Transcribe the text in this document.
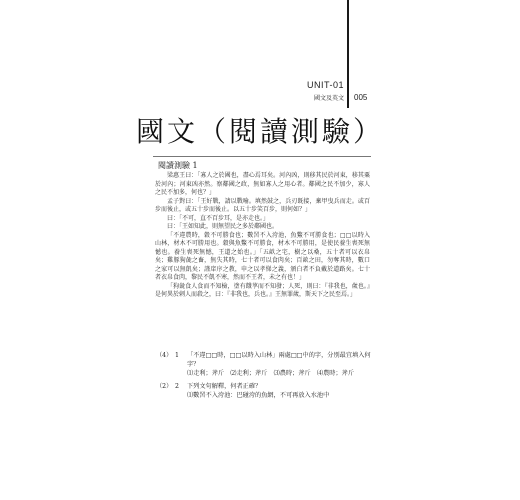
UNIT-01
國文及英文 005
國文（閱讀測驗）
閱讀測驗 1

梁惠王曰：「寡人之於國也，盡心焉耳矣。河內凶，則移其民於河東，移其粟於河內；河東凶亦然。察鄰國之政，無如寡人之用心者。鄰國之民不加少，寡人之民不加多，何也？」

孟子對曰：「王好戰，請以戰喻。填然鼓之，兵刃既接，棄甲曳兵而走。或百步而後止，或五十步而後止。以五十步笑百步，則何如？」

曰：「不可，直不百步耳，是亦走也。」

曰：「王如知此，則無望民之多於鄰國也。

「不違農時，穀不可勝食也；數罟不入洿池，魚鱉不可勝食也；□□以時入山林，材木不可勝用也。穀與魚鱉不可勝食，材木不可勝用，是使民養生喪死無憾也。養生喪死無憾，王道之始也。」「五畝之宅，樹之以桑，五十者可以衣帛矣；雞豚狗彘之畜，無失其時，七十者可以食肉矣；百畝之田，勿奪其時，數口之家可以無飢矣；謹庠序之教，申之以孝悌之義，頒白者不負戴於道路矣。七十者衣帛食肉，黎民不飢不寒，然而不王者，未之有也！」

「狗彘食人食而不知檢，塗有餓莩而不知發；人死，則曰：『非我也，歲也。』是何異於刺人而殺之，曰：『非我也，兵也。』王無罪歲，斯天下之民至焉。」

（4） 1 「不違□□時，□□以時入山林」兩處□□中的字，分別最宜填入何字？
⑴走利；斧斤　⑵走利；斧斤　⑶農時；斧斤　⑷農時；斧斤
（2） 2 下列文句解釋，何者正確？
⑴數罟不入洿池：巴碰洿的魚網，不可再放入水池中
